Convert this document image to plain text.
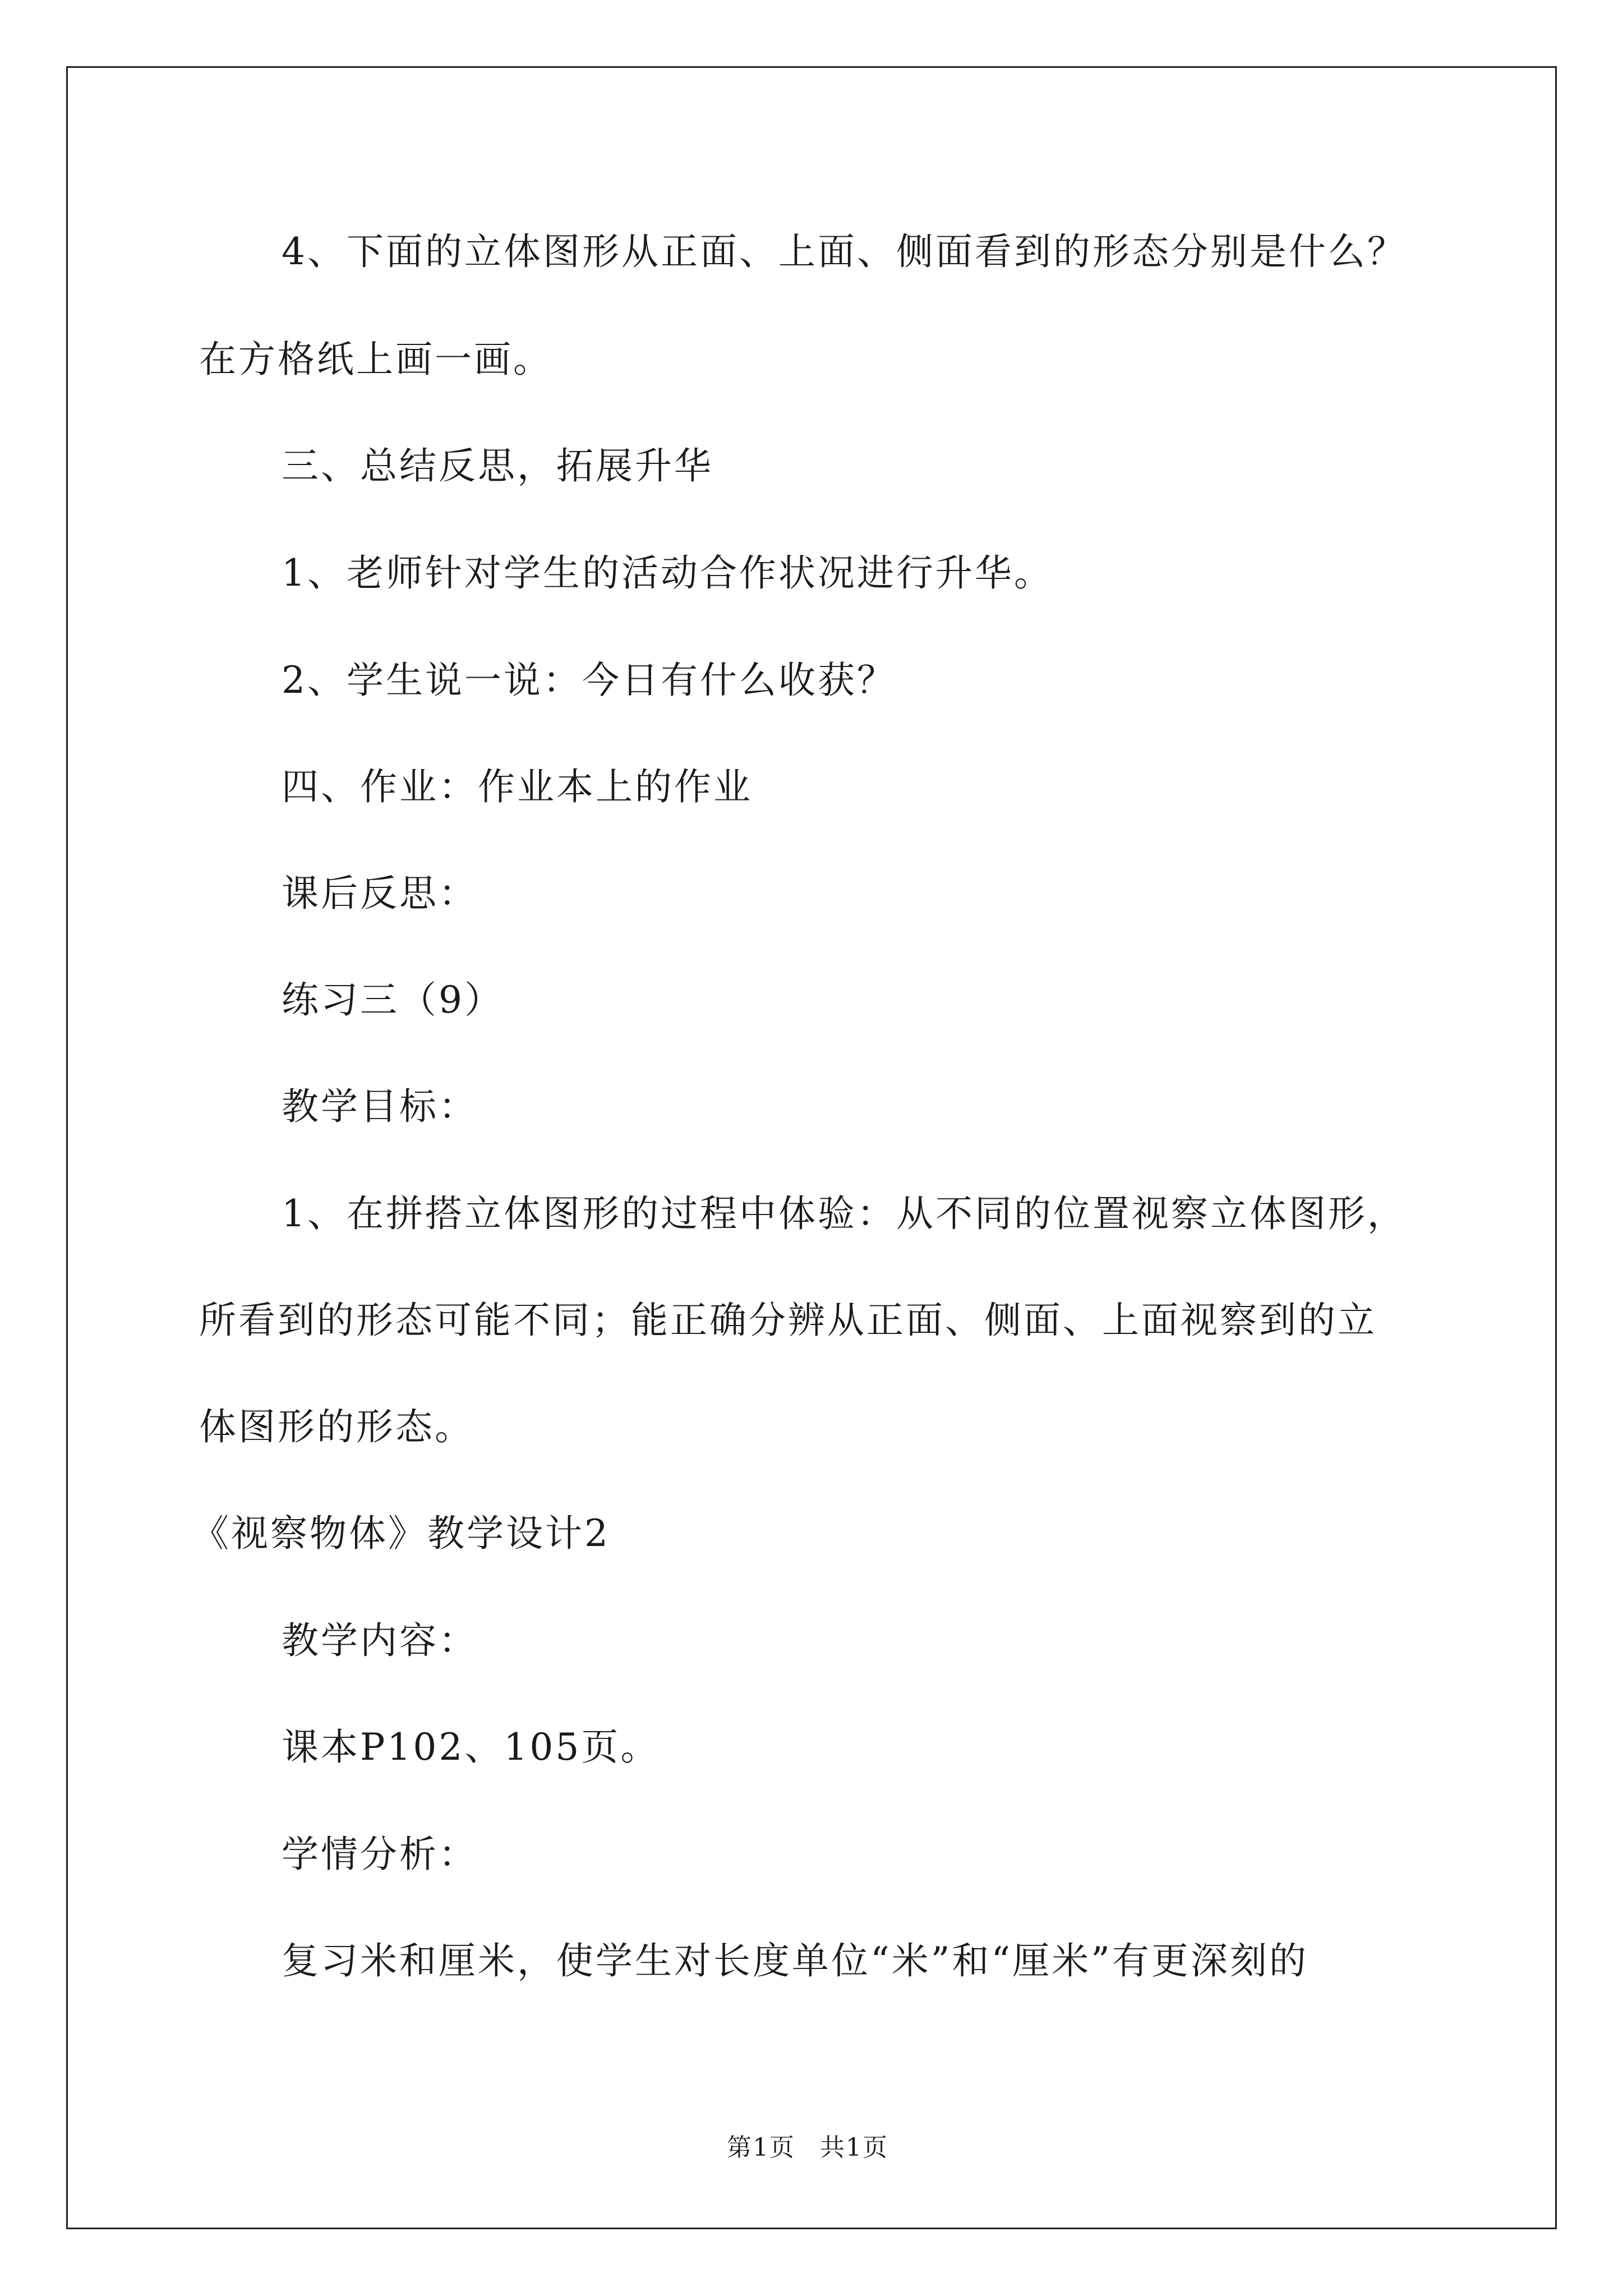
4、下面的立体图形从正面、上面、侧面看到的形态分别是什么？
在方格纸上画一画。
三、总结反思，拓展升华
1、老师针对学生的活动合作状况进行升华。
2、学生说一说：今日有什么收获？
四、作业：作业本上的作业
课后反思：
练习三（9）
教学目标：
1、在拼搭立体图形的过程中体验：从不同的位置视察立体图形，
所看到的形态可能不同；能正确分辨从正面、侧面、上面视察到的立
体图形的形态。
《视察物体》教学设计2
教学内容：
课本P102、105页。
学情分析：
复习米和厘米，使学生对长度单位“米”和“厘米”有更深刻的
第1页 共1页
